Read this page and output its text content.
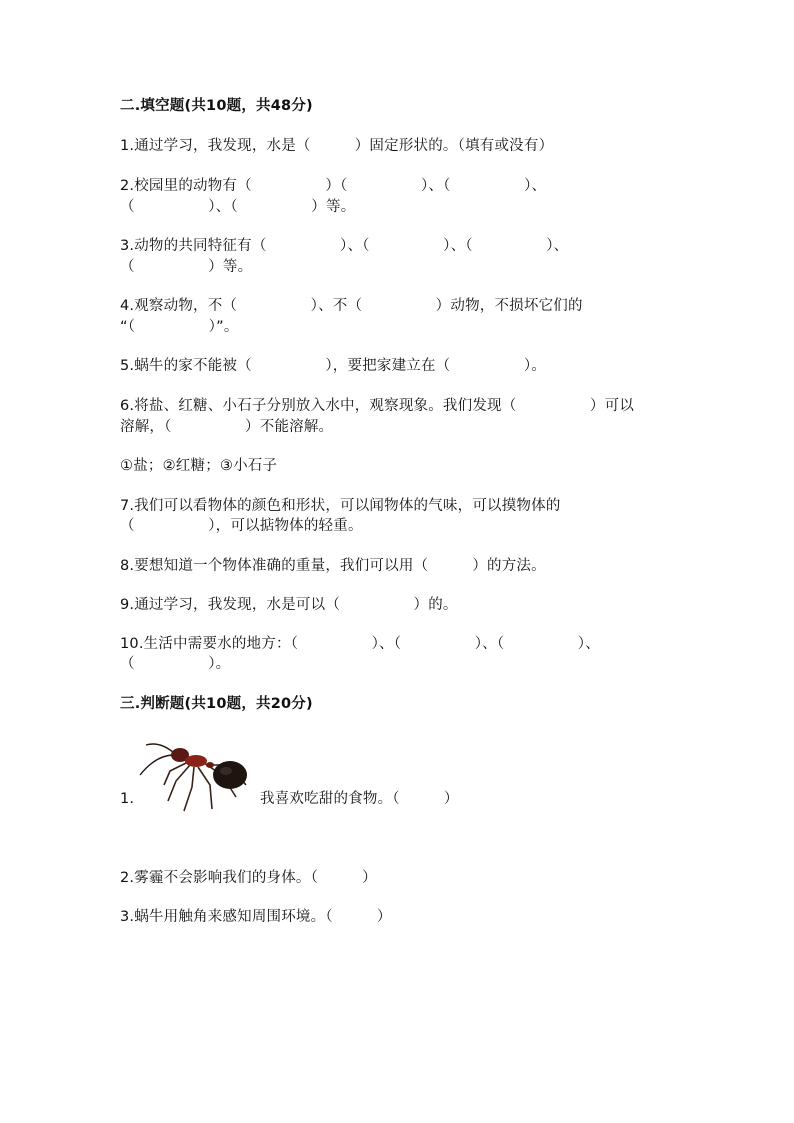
二.填空题(共10题，共48分)
1.通过学习，我发现，水是（　　　）固定形状的。（填有或没有）
2.校园里的动物有（　　　　　）（　　　　　）、（　　　　　）、
（　　　　　）、（　　　　　）等。
3.动物的共同特征有（　　　　　）、（　　　　　）、（　　　　　）、
（　　　　　）等。
4.观察动物，不（　　　　　）、不（　　　　　）动物，不损坏它们的
“（　　　　　）”。
5.蜗牛的家不能被（　　　　　），要把家建立在（　　　　　）。
6.将盐、红糖、小石子分别放入水中，观察现象。我们发现（　　　　　）可以
溶解，（　　　　　）不能溶解。
①盐；②红糖；③小石子
7.我们可以看物体的颜色和形状，可以闻物体的气味，可以摸物体的
（　　　　　），可以掂物体的轻重。
8.要想知道一个物体准确的重量，我们可以用（　　　）的方法。
9.通过学习，我发现，水是可以（　　　　　）的。
10.生活中需要水的地方：（　　　　　）、（　　　　　）、（　　　　　）、
（　　　　　）。
三.判断题(共10题，共20分)
1.	我喜欢吃甜的食物。（　　　）
2.雾霾不会影响我们的身体。（　　　）
3.蜗牛用触角来感知周围环境。（　　　）
